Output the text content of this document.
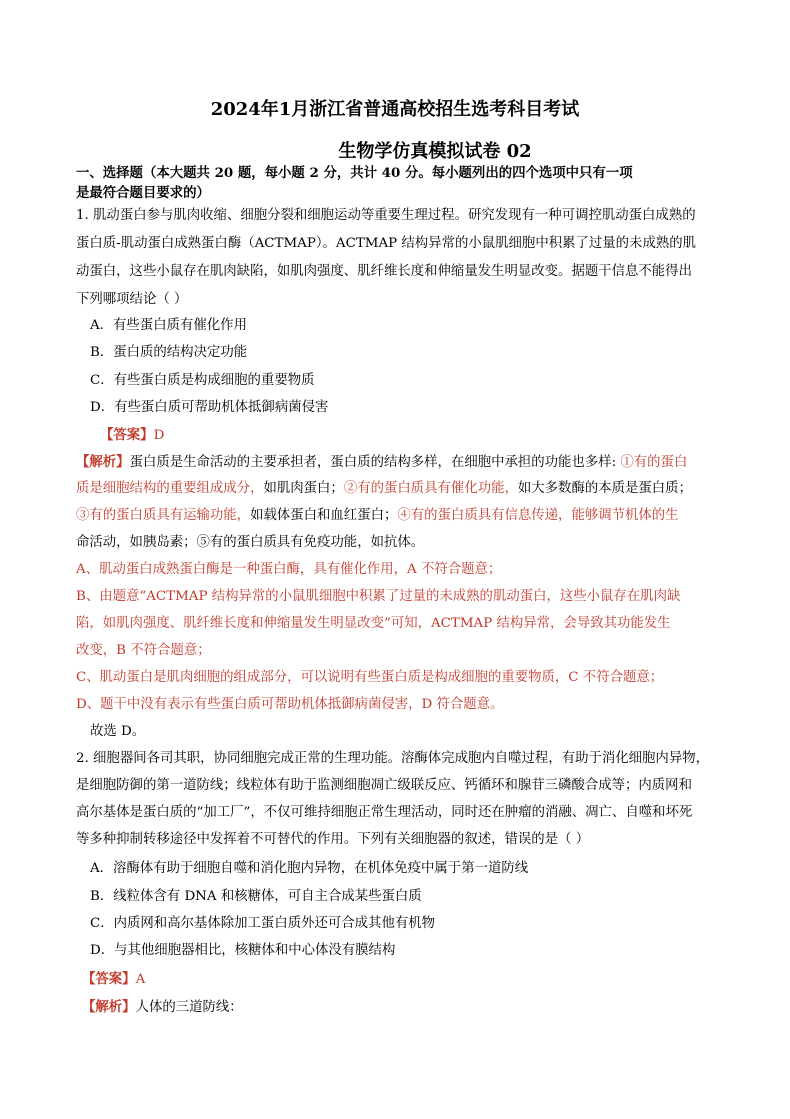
2024年1月浙江省普通高校招生选考科目考试
生物学仿真模拟试卷 02
一、选择题（本大题共 20 题，每小题 2 分，共计 40 分。每小题列出的四个选项中只有一项
是最符合题目要求的）
1. 肌动蛋白参与肌肉收缩、细胞分裂和细胞运动等重要生理过程。研究发现有一种可调控肌动蛋白成熟的
蛋白质-肌动蛋白成熟蛋白酶（ACTMAP）。ACTMAP 结构异常的小鼠肌细胞中积累了过量的未成熟的肌
动蛋白，这些小鼠存在肌肉缺陷，如肌肉强度、肌纤维长度和伸缩量发生明显改变。据题干信息不能得出
下列哪项结论（ ）
A．有些蛋白质有催化作用
B．蛋白质的结构决定功能
C．有些蛋白质是构成细胞的重要物质
D．有些蛋白质可帮助机体抵御病菌侵害
【答案】D
【解析】蛋白质是生命活动的主要承担者，蛋白质的结构多样，在细胞中承担的功能也多样: ①有的蛋白
质是细胞结构的重要组成成分，如肌肉蛋白；②有的蛋白质具有催化功能，如大多数酶的本质是蛋白质；
③有的蛋白质具有运输功能，如载体蛋白和血红蛋白；④有的蛋白质具有信息传递，能够调节机体的生
命活动，如胰岛素；⑤有的蛋白质具有免疫功能，如抗体。
A、肌动蛋白成熟蛋白酶是一种蛋白酶，具有催化作用，A 不符合题意；
B、由题意“ACTMAP 结构异常的小鼠肌细胞中积累了过量的未成熟的肌动蛋白，这些小鼠存在肌肉缺
陷，如肌肉强度、肌纤维长度和伸缩量发生明显改变”可知，ACTMAP 结构异常，会导致其功能发生
改变，B 不符合题意；
C、肌动蛋白是肌肉细胞的组成部分，可以说明有些蛋白质是构成细胞的重要物质，C 不符合题意；
D、题干中没有表示有些蛋白质可帮助机体抵御病菌侵害，D 符合题意。
故选 D。
2. 细胞器间各司其职，协同细胞完成正常的生理功能。溶酶体完成胞内自噬过程，有助于消化细胞内异物，
是细胞防御的第一道防线；线粒体有助于监测细胞凋亡级联反应、钙循环和腺苷三磷酸合成等；内质网和
高尔基体是蛋白质的“加工厂”，不仅可维持细胞正常生理活动，同时还在肿瘤的消融、凋亡、自噬和坏死
等多种抑制转移途径中发挥着不可替代的作用。下列有关细胞器的叙述，错误的是（ ）
A．溶酶体有助于细胞自噬和消化胞内异物，在机体免疫中属于第一道防线
B．线粒体含有 DNA 和核糖体，可自主合成某些蛋白质
C．内质网和高尔基体除加工蛋白质外还可合成其他有机物
D．与其他细胞器相比，核糖体和中心体没有膜结构
【答案】A
【解析】人体的三道防线：
